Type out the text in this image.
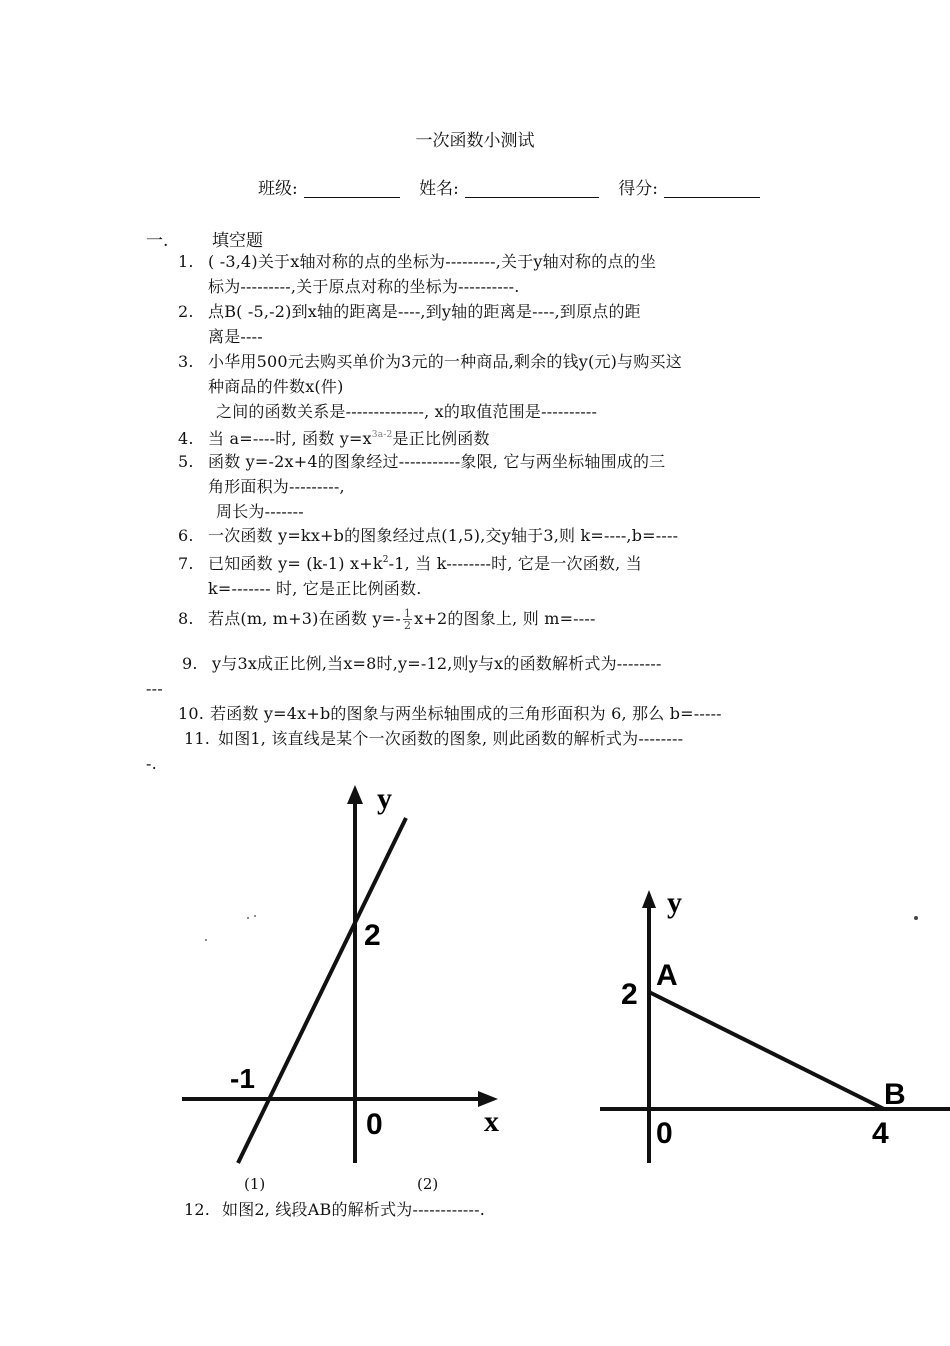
一次函数小测试
班级:	姓名:	得分:
一.	填空题
1. ( -3,4)关于x轴对称的点的坐标为---------,关于y轴对称的点的坐
标为---------,关于原点对称的坐标为----------.
2. 点B( -5,-2)到x轴的距离是----,到y轴的距离是----,到原点的距
离是----
3. 小华用500元去购买单价为3元的一种商品,剩余的钱y(元)与购买这
种商品的件数x(件)
之间的函数关系是--------------, x的取值范围是----------
4. 当 a=----时, 函数 $y=x^{3a-2}$是正比例函数
5. 函数 y=-2x+4的图象经过-----------象限, 它与两坐标轴围成的三
角形面积为---------,
周长为-------
6. 一次函数 y=kx+b的图象经过点(1,5),交y轴于3,则 k=----,b=----
7. 已知函数 y= (k-1) $x+k^2-1$, 当 k--------时, 它是一次函数, 当
k=------- 时, 它是正比例函数.
8. 若点(m, m+3)在函数 $y=- \frac{1}{2} x+2$的图象上, 则 m=----
9. y与3x成正比例,当x=8时,y=-12,则y与x的函数解析式为--------
---
10. 若函数 y=4x+b的图象与两坐标轴围成的三角形面积为 6, 那么 b=-----
11. 如图1, 该直线是某个一次函数的图象, 则此函数的解析式为--------
-.
y
x
2
-1
0
y
2
A
B
4
0
(1)	(2)
12. 如图2, 线段AB的解析式为------------.
